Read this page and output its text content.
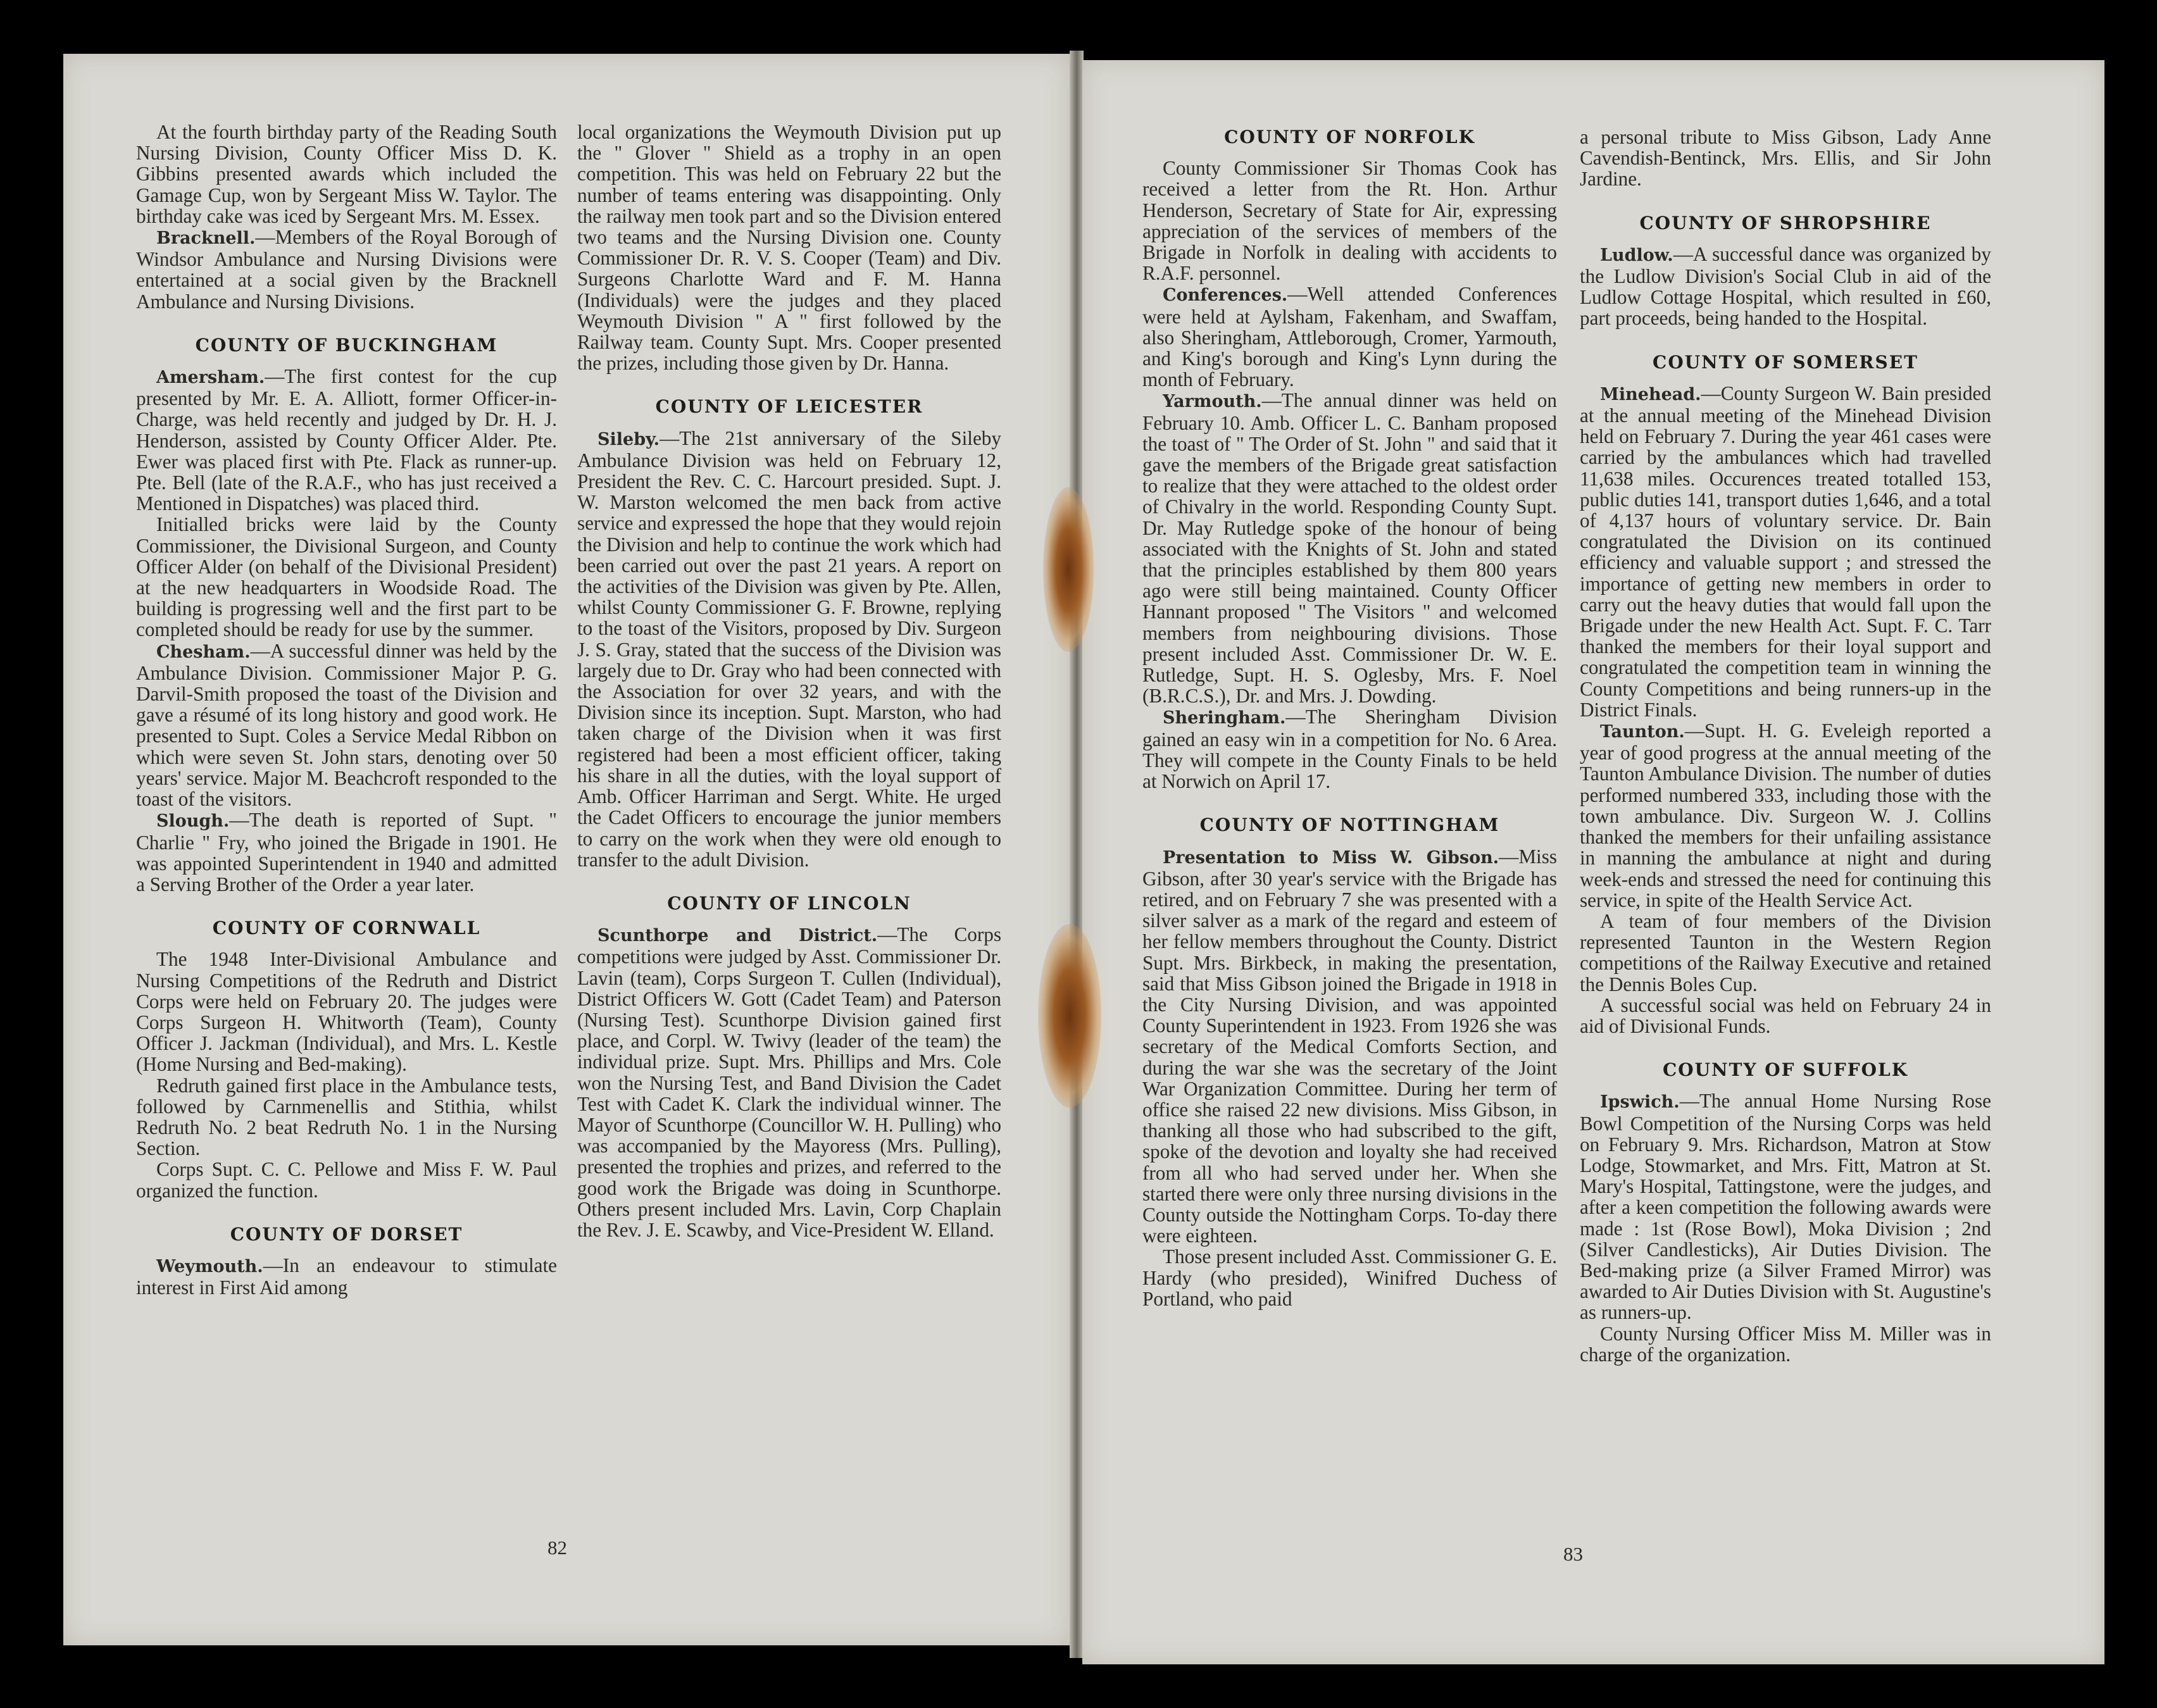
At the fourth birthday party of the Reading South Nursing Division, County Officer Miss D. K. Gibbins presented awards which included the Gamage Cup, won by Sergeant Miss W. Taylor. The birthday cake was iced by Sergeant Mrs. M. Essex.

Bracknell.—Members of the Royal Borough of Windsor Ambulance and Nursing Divisions were entertained at a social given by the Bracknell Ambulance and Nursing Divisions.

COUNTY OF BUCKINGHAM

Amersham.—The first contest for the cup presented by Mr. E. A. Alliott, former Officer-in-Charge, was held recently and judged by Dr. H. J. Henderson, assisted by County Officer Alder. Pte. Ewer was placed first with Pte. Flack as runner-up. Pte. Bell (late of the R.A.F., who has just received a Mentioned in Dispatches) was placed third.

Initialled bricks were laid by the County Commissioner, the Divisional Surgeon, and County Officer Alder (on behalf of the Divisional President) at the new headquarters in Woodside Road. The building is progressing well and the first part to be completed should be ready for use by the summer.

Chesham.—A successful dinner was held by the Ambulance Division. Commissioner Major P. G. Darvil-Smith proposed the toast of the Division and gave a résumé of its long history and good work. He presented to Supt. Coles a Service Medal Ribbon on which were seven St. John stars, denoting over 50 years' service. Major M. Beachcroft responded to the toast of the visitors.

Slough.—The death is reported of Supt. " Charlie " Fry, who joined the Brigade in 1901. He was appointed Superintendent in 1940 and admitted a Serving Brother of the Order a year later.

COUNTY OF CORNWALL

The 1948 Inter-Divisional Ambulance and Nursing Competitions of the Redruth and District Corps were held on February 20. The judges were Corps Surgeon H. Whitworth (Team), County Officer J. Jackman (Individual), and Mrs. L. Kestle (Home Nursing and Bed-making).

Redruth gained first place in the Ambulance tests, followed by Carnmenellis and Stithia, whilst Redruth No. 2 beat Redruth No. 1 in the Nursing Section.

Corps Supt. C. C. Pellowe and Miss F. W. Paul organized the function.

COUNTY OF DORSET

Weymouth.—In an endeavour to stimulate interest in First Aid among

local organizations the Weymouth Division put up the " Glover " Shield as a trophy in an open competition. This was held on February 22 but the number of teams entering was disappointing. Only the railway men took part and so the Division entered two teams and the Nursing Division one. County Commissioner Dr. R. V. S. Cooper (Team) and Div. Surgeons Charlotte Ward and F. M. Hanna (Individuals) were the judges and they placed Weymouth Division " A " first followed by the Railway team. County Supt. Mrs. Cooper presented the prizes, including those given by Dr. Hanna.

COUNTY OF LEICESTER

Sileby.—The 21st anniversary of the Sileby Ambulance Division was held on February 12, President the Rev. C. C. Harcourt presided. Supt. J. W. Marston welcomed the men back from active service and expressed the hope that they would rejoin the Division and help to continue the work which had been carried out over the past 21 years. A report on the activities of the Division was given by Pte. Allen, whilst County Commissioner G. F. Browne, replying to the toast of the Visitors, proposed by Div. Surgeon J. S. Gray, stated that the success of the Division was largely due to Dr. Gray who had been connected with the Association for over 32 years, and with the Division since its inception. Supt. Marston, who had taken charge of the Division when it was first registered had been a most efficient officer, taking his share in all the duties, with the loyal support of Amb. Officer Harriman and Sergt. White. He urged the Cadet Officers to encourage the junior members to carry on the work when they were old enough to transfer to the adult Division.

COUNTY OF LINCOLN

Scunthorpe and District.—The Corps competitions were judged by Asst. Commissioner Dr. Lavin (team), Corps Surgeon T. Cullen (Individual), District Officers W. Gott (Cadet Team) and Paterson (Nursing Test). Scunthorpe Division gained first place, and Corpl. W. Twivy (leader of the team) the individual prize. Supt. Mrs. Phillips and Mrs. Cole won the Nursing Test, and Band Division the Cadet Test with Cadet K. Clark the individual winner. The Mayor of Scunthorpe (Councillor W. H. Pulling) who was accompanied by the Mayoress (Mrs. Pulling), presented the trophies and prizes, and referred to the good work the Brigade was doing in Scunthorpe. Others present included Mrs. Lavin, Corp Chaplain the Rev. J. E. Scawby, and Vice-President W. Elland.

82
COUNTY OF NORFOLK

County Commissioner Sir Thomas Cook has received a letter from the Rt. Hon. Arthur Henderson, Secretary of State for Air, expressing appreciation of the services of members of the Brigade in Norfolk in dealing with accidents to R.A.F. personnel.

Conferences.—Well attended Conferences were held at Aylsham, Fakenham, and Swaffam, also Sheringham, Attleborough, Cromer, Yarmouth, and King's borough and King's Lynn during the month of February.

Yarmouth.—The annual dinner was held on February 10. Amb. Officer L. C. Banham proposed the toast of " The Order of St. John " and said that it gave the members of the Brigade great satisfaction to realize that they were attached to the oldest order of Chivalry in the world. Responding County Supt. Dr. May Rutledge spoke of the honour of being associated with the Knights of St. John and stated that the principles established by them 800 years ago were still being maintained. County Officer Hannant proposed " The Visitors " and welcomed members from neighbouring divisions. Those present included Asst. Commissioner Dr. W. E. Rutledge, Supt. H. S. Oglesby, Mrs. F. Noel (B.R.C.S.), Dr. and Mrs. J. Dowding.

Sheringham.—The Sheringham Division gained an easy win in a competition for No. 6 Area. They will compete in the County Finals to be held at Norwich on April 17.

COUNTY OF NOTTINGHAM

Presentation to Miss W. Gibson.—Miss Gibson, after 30 year's service with the Brigade has retired, and on February 7 she was presented with a silver salver as a mark of the regard and esteem of her fellow members throughout the County. District Supt. Mrs. Birkbeck, in making the presentation, said that Miss Gibson joined the Brigade in 1918 in the City Nursing Division, and was appointed County Superintendent in 1923. From 1926 she was secretary of the Medical Comforts Section, and during the war she was the secretary of the Joint War Organization Committee. During her term of office she raised 22 new divisions. Miss Gibson, in thanking all those who had subscribed to the gift, spoke of the devotion and loyalty she had received from all who had served under her. When she started there were only three nursing divisions in the County outside the Nottingham Corps. To-day there were eighteen.

Those present included Asst. Commissioner G. E. Hardy (who presided), Winifred Duchess of Portland, who paid

a personal tribute to Miss Gibson, Lady Anne Cavendish-Bentinck, Mrs. Ellis, and Sir John Jardine.

COUNTY OF SHROPSHIRE

Ludlow.—A successful dance was organized by the Ludlow Division's Social Club in aid of the Ludlow Cottage Hospital, which resulted in £60, part proceeds, being handed to the Hospital.

COUNTY OF SOMERSET

Minehead.—County Surgeon W. Bain presided at the annual meeting of the Minehead Division held on February 7. During the year 461 cases were carried by the ambulances which had travelled 11,638 miles. Occurences treated totalled 153, public duties 141, transport duties 1,646, and a total of 4,137 hours of voluntary service. Dr. Bain congratulated the Division on its continued efficiency and valuable support ; and stressed the importance of getting new members in order to carry out the heavy duties that would fall upon the Brigade under the new Health Act. Supt. F. C. Tarr thanked the members for their loyal support and congratulated the competition team in winning the County Competitions and being runners-up in the District Finals.

Taunton.—Supt. H. G. Eveleigh reported a year of good progress at the annual meeting of the Taunton Ambulance Division. The number of duties performed numbered 333, including those with the town ambulance. Div. Surgeon W. J. Collins thanked the members for their unfailing assistance in manning the ambulance at night and during week-ends and stressed the need for continuing this service, in spite of the Health Service Act.

A team of four members of the Division represented Taunton in the Western Region competitions of the Railway Executive and retained the Dennis Boles Cup.

A successful social was held on February 24 in aid of Divisional Funds.

COUNTY OF SUFFOLK

Ipswich.—The annual Home Nursing Rose Bowl Competition of the Nursing Corps was held on February 9. Mrs. Richardson, Matron at Stow Lodge, Stowmarket, and Mrs. Fitt, Matron at St. Mary's Hospital, Tattingstone, were the judges, and after a keen competition the following awards were made : 1st (Rose Bowl), Moka Division ; 2nd (Silver Candlesticks), Air Duties Division. The Bed-making prize (a Silver Framed Mirror) was awarded to Air Duties Division with St. Augustine's as runners-up.

County Nursing Officer Miss M. Miller was in charge of the organization.

83
